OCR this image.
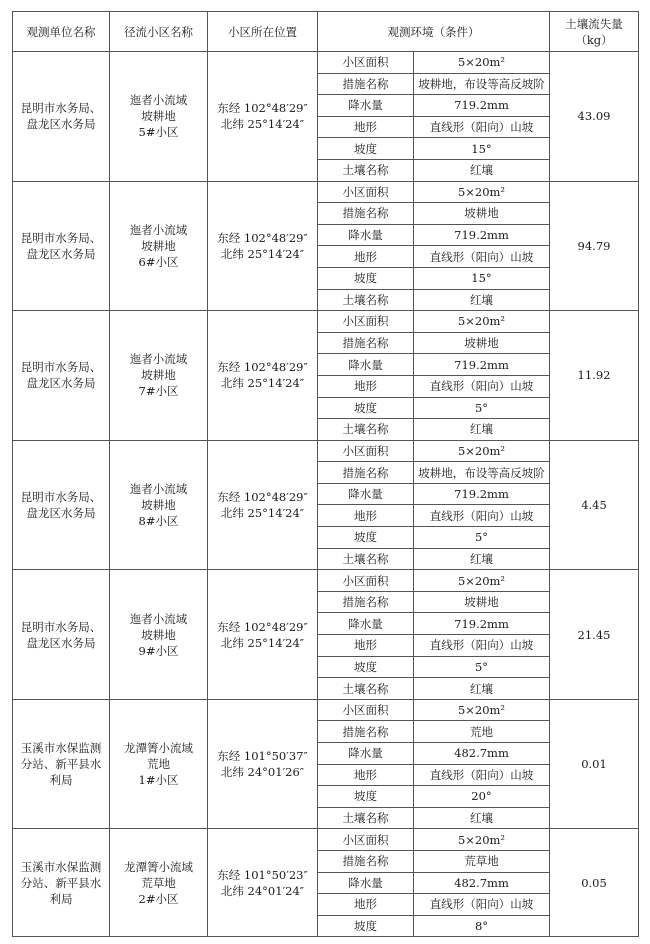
观测单位名称	径流小区名称	小区所在位置	观测环境（条件）		土壤流失量
（kg）
昆明市水务局、
盘龙区水务局	迤者小流域
坡耕地
5#小区	东经 102°48′29″
北纬 25°14′24″	小区面积	5×20m²	43.09
			措施名称	坡耕地，布设等高反坡阶	
			降水量	719.2mm	
			地形	直线形（阳向）山坡	
			坡度	15°	
			土壤名称	红壤	
昆明市水务局、
盘龙区水务局	迤者小流域
坡耕地
6#小区	东经 102°48′29″
北纬 25°14′24″	小区面积	5×20m²	94.79
			措施名称	坡耕地	
			降水量	719.2mm	
			地形	直线形（阳向）山坡	
			坡度	15°	
			土壤名称	红壤	
昆明市水务局、
盘龙区水务局	迤者小流域
坡耕地
7#小区	东经 102°48′29″
北纬 25°14′24″	小区面积	5×20m²	11.92
			措施名称	坡耕地	
			降水量	719.2mm	
			地形	直线形（阳向）山坡	
			坡度	5°	
			土壤名称	红壤	
昆明市水务局、
盘龙区水务局	迤者小流域
坡耕地
8#小区	东经 102°48′29″
北纬 25°14′24″	小区面积	5×20m²	4.45
			措施名称	坡耕地，布设等高反坡阶	
			降水量	719.2mm	
			地形	直线形（阳向）山坡	
			坡度	5°	
			土壤名称	红壤	
昆明市水务局、
盘龙区水务局	迤者小流域
坡耕地
9#小区	东经 102°48′29″
北纬 25°14′24″	小区面积	5×20m²	21.45
			措施名称	坡耕地	
			降水量	719.2mm	
			地形	直线形（阳向）山坡	
			坡度	5°	
			土壤名称	红壤	
玉溪市水保监测
分站、新平县水
利局	龙潭箐小流域
荒地
1#小区	东经 101°50′37″
北纬 24°01′26″	小区面积	5×20m²	0.01
			措施名称	荒地	
			降水量	482.7mm	
			地形	直线形（阳向）山坡	
			坡度	20°	
			土壤名称	红壤	
玉溪市水保监测
分站、新平县水
利局	龙潭箐小流域
荒草地
2#小区	东经 101°50′23″
北纬 24°01′24″	小区面积	5×20m²	0.05
			措施名称	荒草地	
			降水量	482.7mm	
			地形	直线形（阳向）山坡	
			坡度	8°	
